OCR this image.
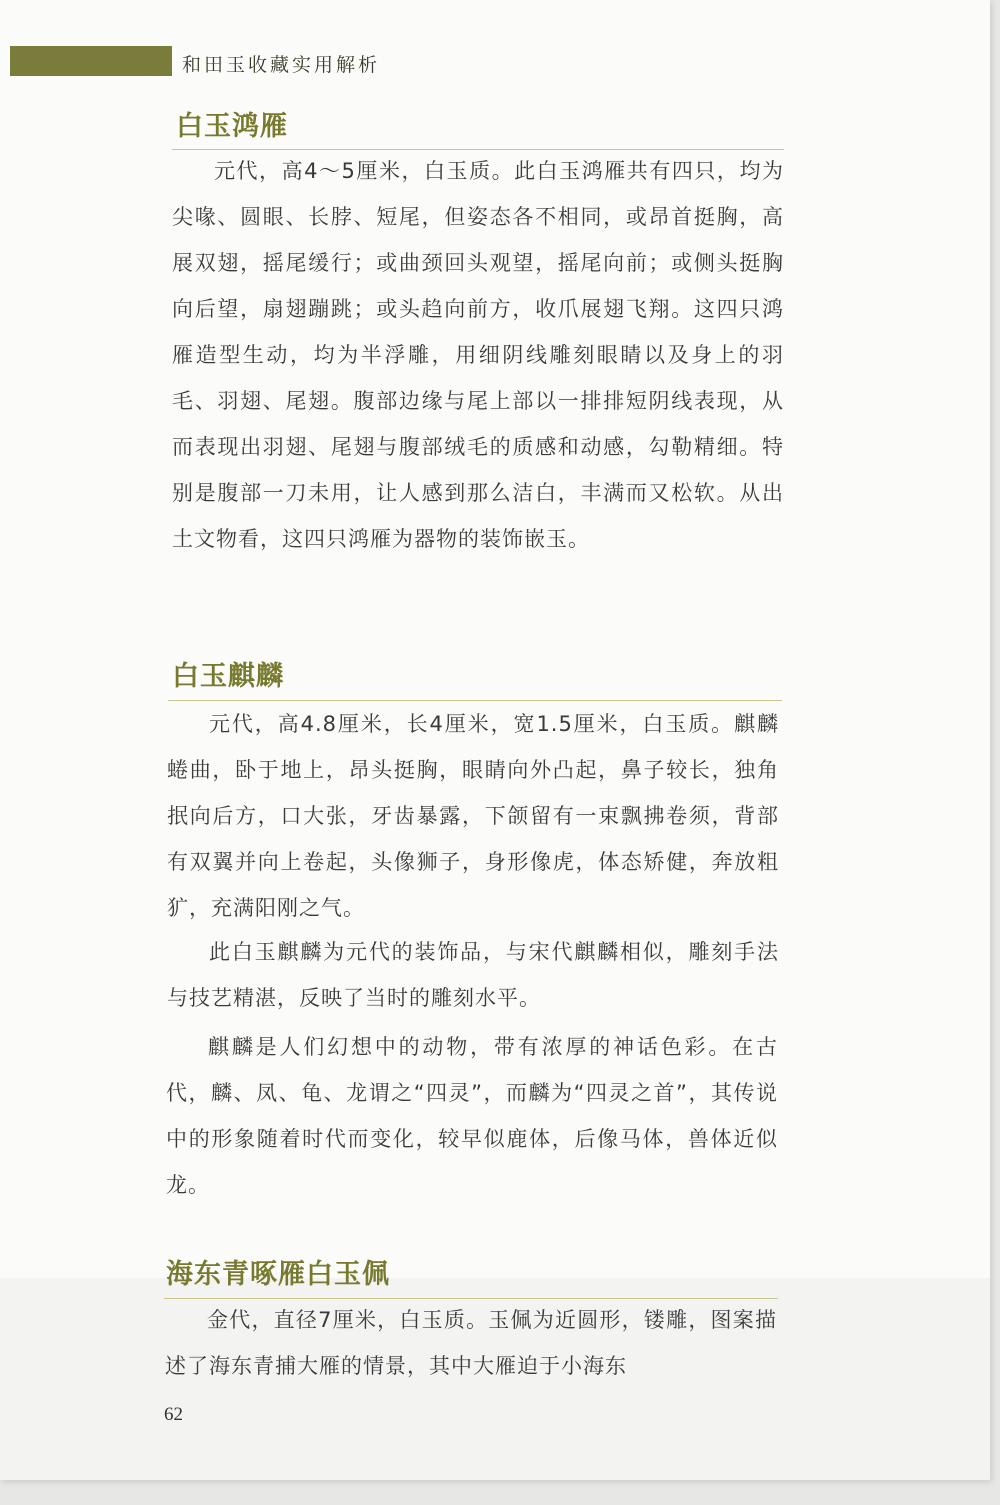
和田玉收藏实用解析
白玉鸿雁

元代，高4～5厘米，白玉质。此白玉鸿雁共有四只，均为尖喙、圆眼、长脖、短尾，但姿态各不相同，或昂首挺胸，高展双翅，摇尾缓行；或曲颈回头观望，摇尾向前；或侧头挺胸向后望，扇翅蹦跳；或头趋向前方，收爪展翅飞翔。这四只鸿雁造型生动，均为半浮雕，用细阴线雕刻眼睛以及身上的羽毛、羽翅、尾翅。腹部边缘与尾上部以一排排短阴线表现，从而表现出羽翅、尾翅与腹部绒毛的质感和动感，勾勒精细。特别是腹部一刀未用，让人感到那么洁白，丰满而又松软。从出土文物看，这四只鸿雁为器物的装饰嵌玉。

白玉麒麟

元代，高4.8厘米，长4厘米，宽1.5厘米，白玉质。麒麟蜷曲，卧于地上，昂头挺胸，眼睛向外凸起，鼻子较长，独角抿向后方，口大张，牙齿暴露，下颌留有一束飘拂卷须，背部有双翼并向上卷起，头像狮子，身形像虎，体态矫健，奔放粗犷，充满阳刚之气。

此白玉麒麟为元代的装饰品，与宋代麒麟相似，雕刻手法与技艺精湛，反映了当时的雕刻水平。

麒麟是人们幻想中的动物，带有浓厚的神话色彩。在古代，麟、凤、龟、龙谓之“四灵”，而麟为“四灵之首”，其传说中的形象随着时代而变化，较早似鹿体，后像马体，兽体近似龙。

海东青啄雁白玉佩

金代，直径7厘米，白玉质。玉佩为近圆形，镂雕，图案描述了海东青捕大雁的情景，其中大雁迫于小海东

62
